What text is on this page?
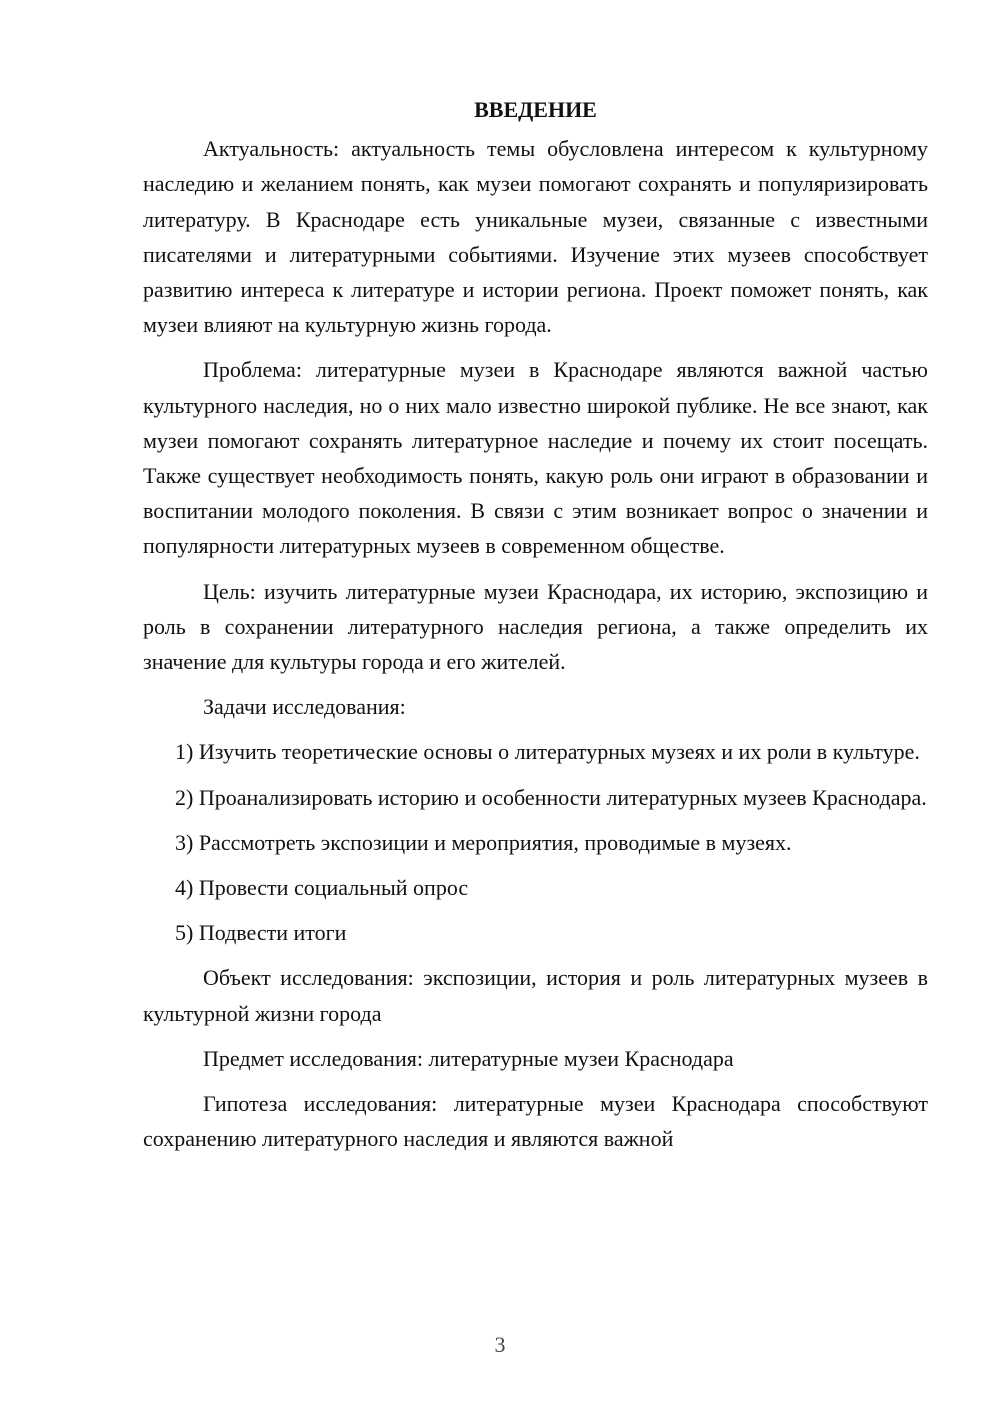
ВВЕДЕНИЕ

Актуальность: актуальность темы обусловлена интересом к культурному наследию и желанием понять, как музеи помогают сохранять и популяризировать литературу. В Краснодаре есть уникальные музеи, связанные с известными писателями и литературными событиями. Изучение этих музеев способствует развитию интереса к литературе и истории региона. Проект поможет понять, как музеи влияют на культурную жизнь города.

Проблема: литературные музеи в Краснодаре являются важной частью культурного наследия, но о них мало известно широкой публике. Не все знают, как музеи помогают сохранять литературное наследие и почему их стоит посещать. Также существует необходимость понять, какую роль они играют в образовании и воспитании молодого поколения. В связи с этим возникает вопрос о значении и популярности литературных музеев в современном обществе.

Цель: изучить литературные музеи Краснодара, их историю, экспозицию и роль в сохранении литературного наследия региона, а также определить их значение для культуры города и его жителей.

Задачи исследования:

1) Изучить теоретические основы о литературных музеях и их роли в культуре.

2) Проанализировать историю и особенности литературных музеев Краснодара.

3) Рассмотреть экспозиции и мероприятия, проводимые в музеях.

4) Провести социальный опрос

5) Подвести итоги

Объект исследования: экспозиции, история и роль литературных музеев в культурной жизни города

Предмет исследования: литературные музеи Краснодара

Гипотеза исследования: литературные музеи Краснодара способствуют сохранению литературного наследия и являются важной

3
